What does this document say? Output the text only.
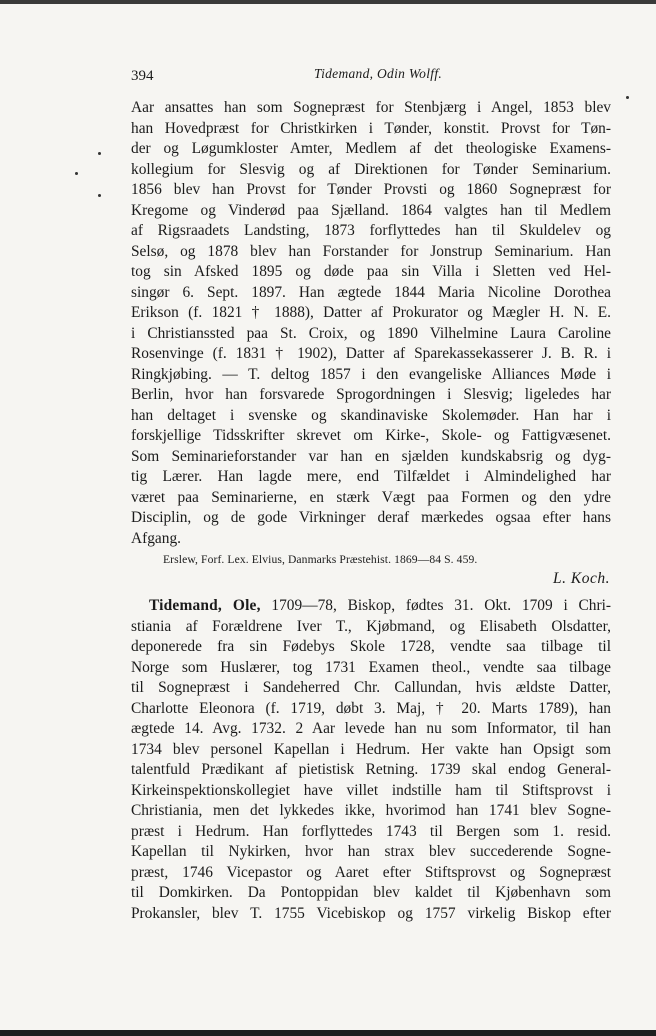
394	Tidemand, Odin Wolff.
Aar ansattes han som Sognepræst for Stenbjærg i Angel, 1853 blev
han Hovedpræst for Christkirken i Tønder, konstit. Provst for Tøn-
der og Løgumkloster Amter, Medlem af det theologiske Examens-
kollegium for Slesvig og af Direktionen for Tønder Seminarium.
1856 blev han Provst for Tønder Provsti og 1860 Sognepræst for
Kregome og Vinderød paa Sjælland. 1864 valgtes han til Medlem
af Rigsraadets Landsting, 1873 forflyttedes han til Skuldelev og
Selsø, og 1878 blev han Forstander for Jonstrup Seminarium. Han
tog sin Afsked 1895 og døde paa sin Villa i Sletten ved Hel-
singør 6. Sept. 1897. Han ægtede 1844 Maria Nicoline Dorothea
Erikson (f. 1821 † 1888), Datter af Prokurator og Mægler H. N. E.
i Christianssted paa St. Croix, og 1890 Vilhelmine Laura Caroline
Rosenvinge (f. 1831 † 1902), Datter af Sparekassekasserer J. B. R. i
Ringkjøbing. — T. deltog 1857 i den evangeliske Alliances Møde i
Berlin, hvor han forsvarede Sprogordningen i Slesvig; ligeledes har
han deltaget i svenske og skandinaviske Skolemøder. Han har i
forskjellige Tidsskrifter skrevet om Kirke-, Skole- og Fattigvæsenet.
Som Seminarieforstander var han en sjælden kundskabsrig og dyg-
tig Lærer. Han lagde mere, end Tilfældet i Almindelighed har
været paa Seminarierne, en stærk Vægt paa Formen og den ydre
Disciplin, og de gode Virkninger deraf mærkedes ogsaa efter hans
Afgang.
Erslew, Forf. Lex. Elvius, Danmarks Præstehist. 1869—84 S. 459.
L. Koch.
Tidemand, Ole, 1709—78, Biskop, fødtes 31. Okt. 1709 i Chri-
stiania af Forældrene Iver T., Kjøbmand, og Elisabeth Olsdatter,
deponerede fra sin Fødebys Skole 1728, vendte saa tilbage til
Norge som Huslærer, tog 1731 Examen theol., vendte saa tilbage
til Sognepræst i Sandeherred Chr. Callundan, hvis ældste Datter,
Charlotte Eleonora (f. 1719, døbt 3. Maj, † 20. Marts 1789), han
ægtede 14. Avg. 1732. 2 Aar levede han nu som Informator, til han
1734 blev personel Kapellan i Hedrum. Her vakte han Opsigt som
talentfuld Prædikant af pietistisk Retning. 1739 skal endog General-
Kirkeinspektionskollegiet have villet indstille ham til Stiftsprovst i
Christiania, men det lykkedes ikke, hvorimod han 1741 blev Sogne-
præst i Hedrum. Han forflyttedes 1743 til Bergen som 1. resid.
Kapellan til Nykirken, hvor han strax blev succederende Sogne-
præst, 1746 Vicepastor og Aaret efter Stiftsprovst og Sognepræst
til Domkirken. Da Pontoppidan blev kaldet til Kjøbenhavn som
Prokansler, blev T. 1755 Vicebiskop og 1757 virkelig Biskop efter
